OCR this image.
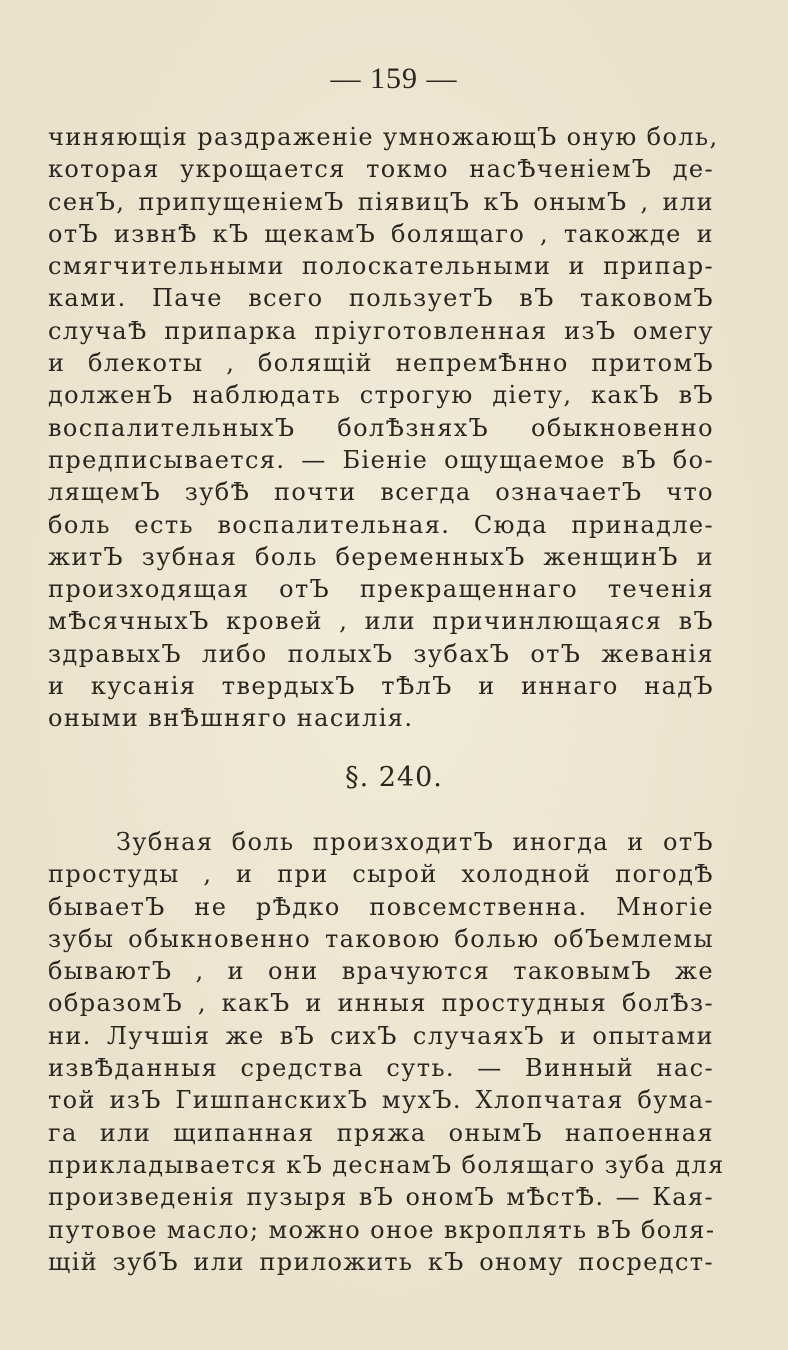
— 159 —
чиняющія раздраженіе умножающЪ оную боль,
которая укрощается токмо насѢченіемЪ де-
сенЪ, припущеніемЪ піявицЪ кЪ онымЪ , или
отЪ извнѢ кЪ щекамЪ болящаго , такожде и
смягчительными полоскательными и припар-
ками. Паче всего пользуетЪ вЪ таковомЪ
случаѢ припарка пріуготовленная изЪ омегу
и блекоты , болящій непремѢнно притомЪ
долженЪ наблюдать строгую діету, какЪ вЪ
воспалительныхЪ болѢзняхЪ обыкновенно
предписывается. — Біеніе ощущаемое вЪ бо-
лящемЪ зубѢ почти всегда означаетЪ что
боль есть воспалительная. Сюда принадле-
житЪ зубная боль беременныхЪ женщинЪ и
произходящая отЪ прекращеннаго теченія
мѢсячныхЪ кровей , или причинлющаяся вЪ
здравыхЪ либо полыхЪ зубахЪ отЪ жеванія
и кусанія твердыхЪ тѢлЪ и иннаго надЪ
оными внѢшняго насилія.
§. 240.
Зубная боль произходитЪ иногда и отЪ
простуды , и при сырой холодной погодѢ
бываетЪ не рѢдко повсемственна. Многіе
зубы обыкновенно таковою болью обЪемлемы
бываютЪ , и они врачуются таковымЪ же
образомЪ , какЪ и инныя простудныя болѢз-
ни. Лучшія же вЪ сихЪ случаяхЪ и опытами
извѢданныя средства суть. — Винный нас-
той изЪ ГишпанскихЪ мухЪ. Хлопчатая бума-
га или щипанная пряжа онымЪ напоенная
прикладывается кЪ деснамЪ болящаго зуба для
произведенія пузыря вЪ ономЪ мѢстѢ. — Кая-
путовое масло; можно оное вкроплять вЪ боля-
щій зубЪ или приложить кЪ оному посредст-
